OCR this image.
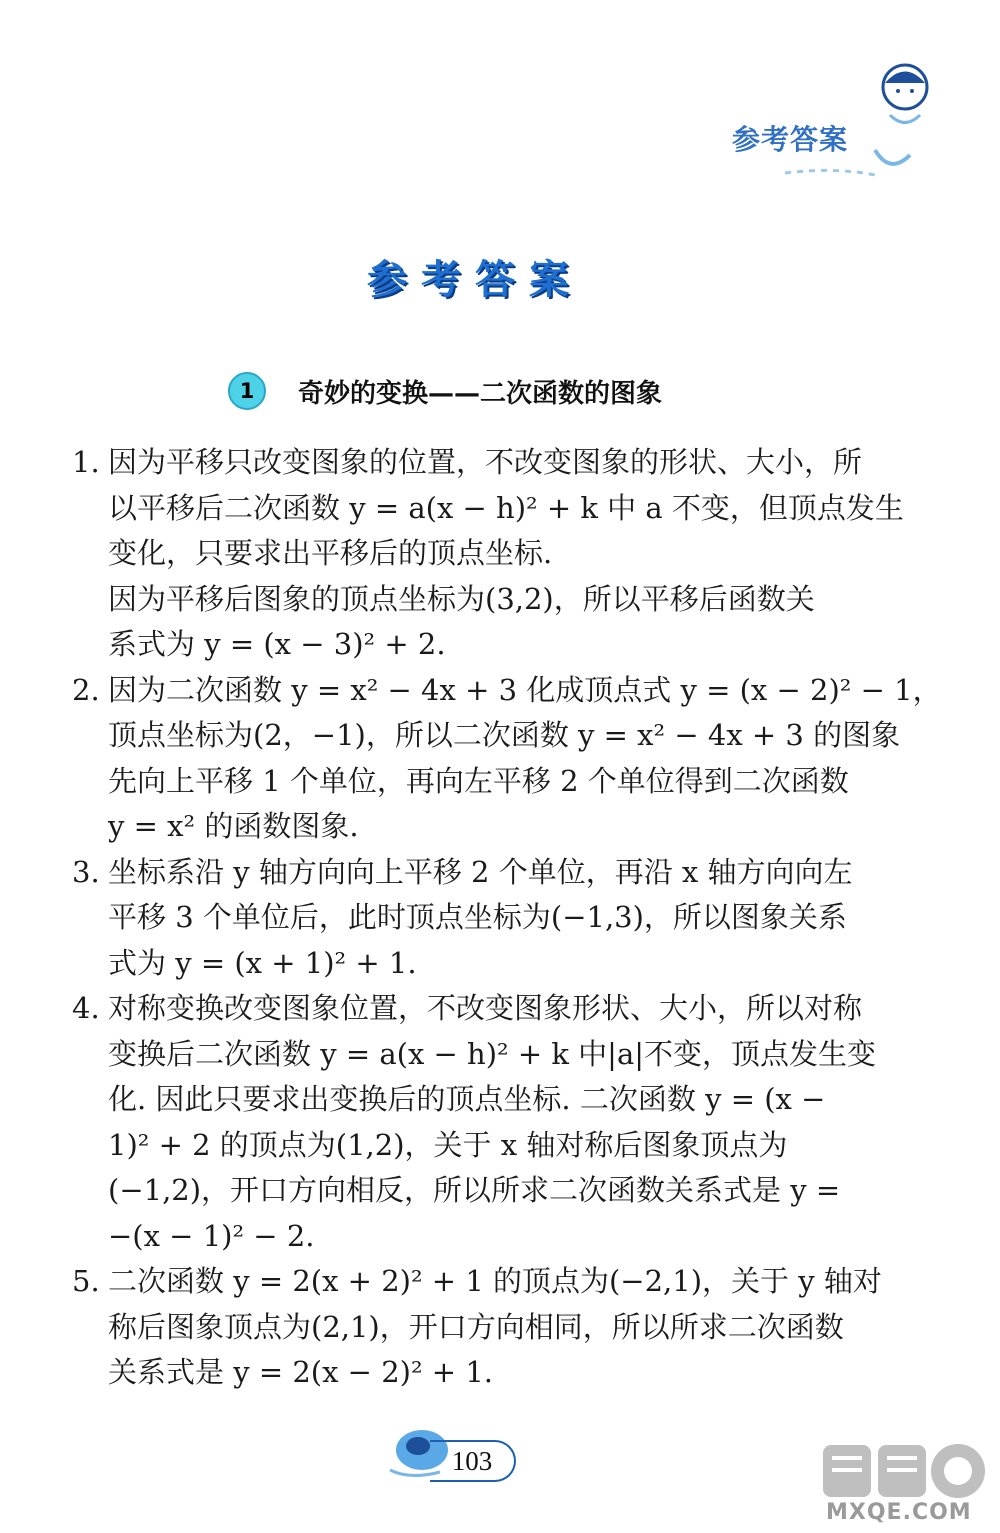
参考答案
参考答案
1	奇妙的变换——二次函数的图象
1. 因为平移只改变图象的位置，不改变图象的形状、大小，所
以平移后二次函数 y = a(x − h)² + k 中 a 不变，但顶点发生
变化，只要求出平移后的顶点坐标.
因为平移后图象的顶点坐标为(3,2)，所以平移后函数关
系式为 y = (x − 3)² + 2.
2. 因为二次函数 y = x² − 4x + 3 化成顶点式 y = (x − 2)² − 1，
顶点坐标为(2，−1)，所以二次函数 y = x² − 4x + 3 的图象
先向上平移 1 个单位，再向左平移 2 个单位得到二次函数
y = x² 的函数图象.
3. 坐标系沿 y 轴方向向上平移 2 个单位，再沿 x 轴方向向左
平移 3 个单位后，此时顶点坐标为(−1,3)，所以图象关系
式为 y = (x + 1)² + 1.
4. 对称变换改变图象位置，不改变图象形状、大小，所以对称
变换后二次函数 y = a(x − h)² + k 中|a|不变，顶点发生变
化. 因此只要求出变换后的顶点坐标. 二次函数 y = (x −
1)² + 2 的顶点为(1,2)，关于 x 轴对称后图象顶点为
(−1,2)，开口方向相反，所以所求二次函数关系式是 y =
−(x − 1)² − 2.
5. 二次函数 y = 2(x + 2)² + 1 的顶点为(−2,1)，关于 y 轴对
称后图象顶点为(2,1)，开口方向相同，所以所求二次函数
关系式是 y = 2(x − 2)² + 1.
103
MXQE.COM
